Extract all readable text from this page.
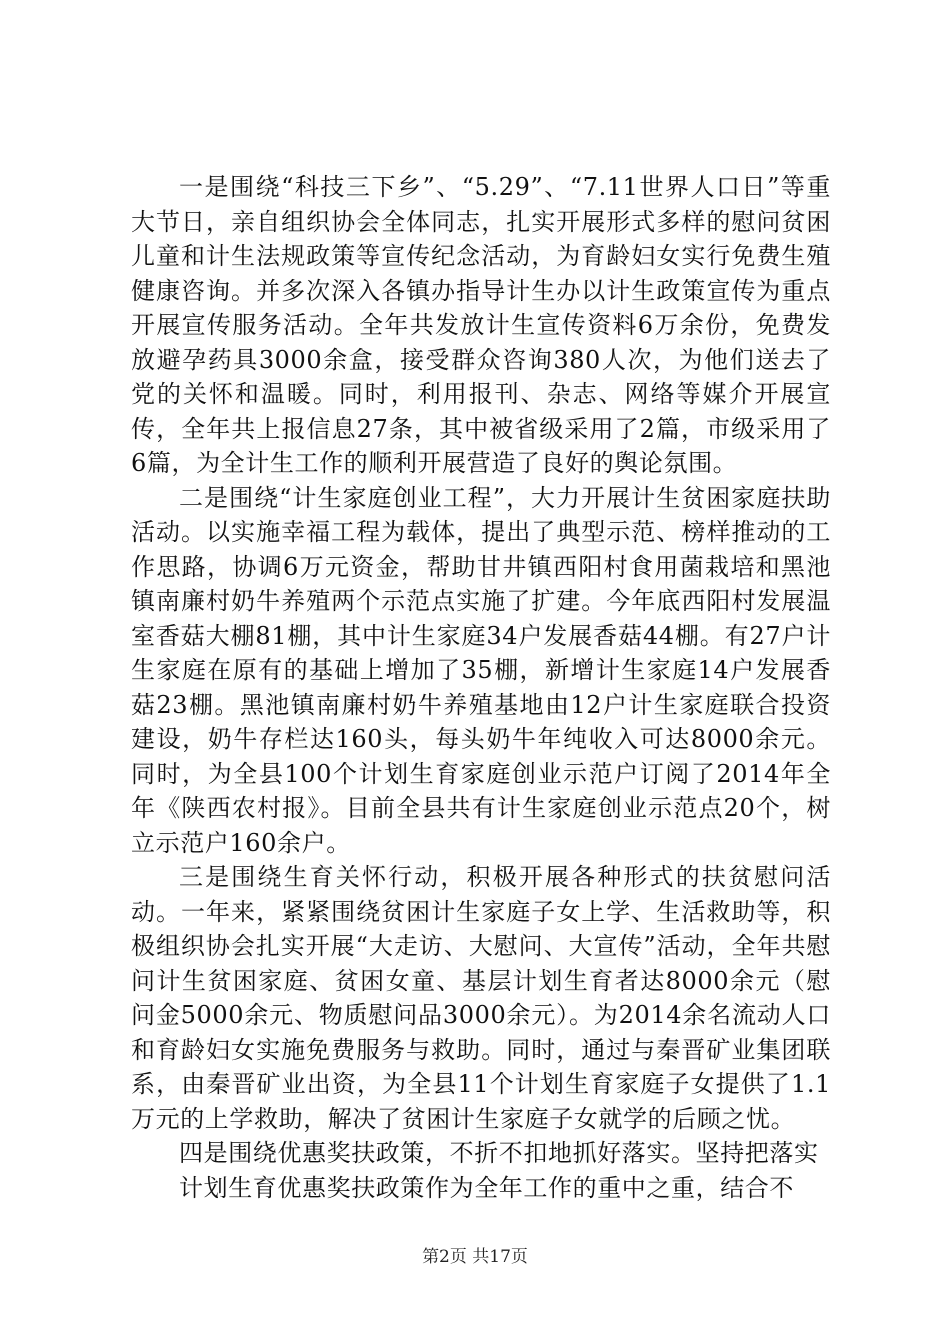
一是围绕“科技三下乡”、“5.29”、“7.11世界人口日”等重大节日，亲自组织协会全体同志，扎实开展形式多样的慰问贫困儿童和计生法规政策等宣传纪念活动，为育龄妇女实行免费生殖健康咨询。并多次深入各镇办指导计生办以计生政策宣传为重点开展宣传服务活动。全年共发放计生宣传资料6万余份，免费发放避孕药具3000余盒，接受群众咨询380人次，为他们送去了党的关怀和温暖。同时，利用报刊、杂志、网络等媒介开展宣传，全年共上报信息27条，其中被省级采用了2篇，市级采用了6篇，为全计生工作的顺利开展营造了良好的舆论氛围。

二是围绕“计生家庭创业工程”，大力开展计生贫困家庭扶助活动。以实施幸福工程为载体，提出了典型示范、榜样推动的工作思路，协调6万元资金，帮助甘井镇西阳村食用菌栽培和黑池镇南廉村奶牛养殖两个示范点实施了扩建。今年底西阳村发展温室香菇大棚81棚，其中计生家庭34户发展香菇44棚。有27户计生家庭在原有的基础上增加了35棚，新增计生家庭14户发展香菇23棚。黑池镇南廉村奶牛养殖基地由12户计生家庭联合投资建设，奶牛存栏达160头，每头奶牛年纯收入可达8000余元。同时，为全县100个计划生育家庭创业示范户订阅了2014年全年《陕西农村报》。目前全县共有计生家庭创业示范点20个，树立示范户160余户。

三是围绕生育关怀行动，积极开展各种形式的扶贫慰问活动。一年来，紧紧围绕贫困计生家庭子女上学、生活救助等，积极组织协会扎实开展“大走访、大慰问、大宣传”活动，全年共慰问计生贫困家庭、贫困女童、基层计划生育者达8000余元（慰问金5000余元、物质慰问品3000余元）。为2014余名流动人口和育龄妇女实施免费服务与救助。同时，通过与秦晋矿业集团联系，由秦晋矿业出资，为全县11个计划生育家庭子女提供了1.1万元的上学救助，解决了贫困计生家庭子女就学的后顾之忧。

四是围绕优惠奖扶政策，不折不扣地抓好落实。坚持把落实

计划生育优惠奖扶政策作为全年工作的重中之重，结合不

第2页 共17页
